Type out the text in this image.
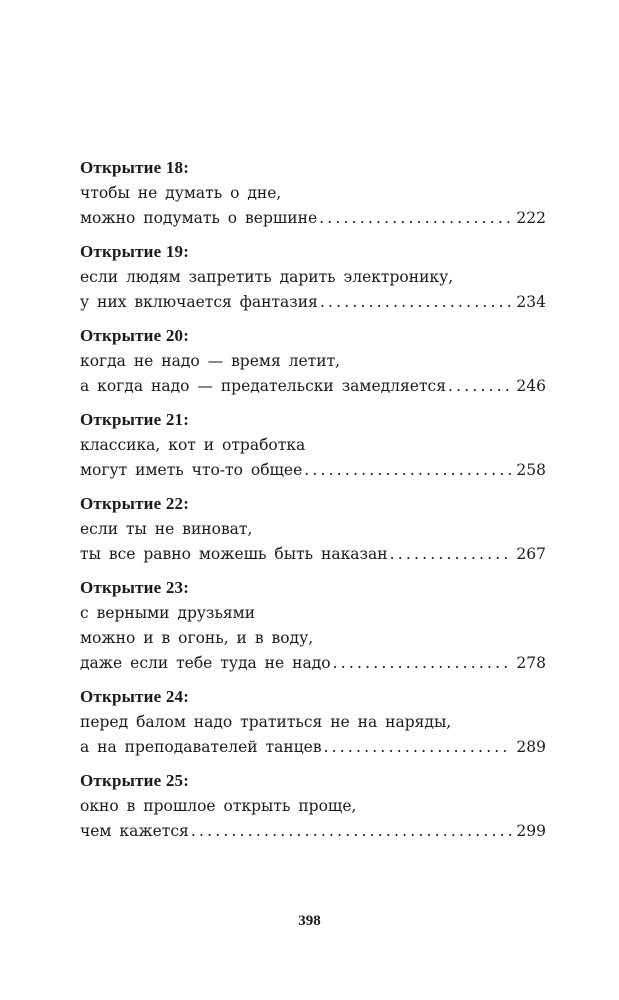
Открытие 18:
чтобы не думать о дне,
можно подумать о вершине .....	222
Открытие 19:
если людям запретить дарить электронику,
у них включается фантазия .....	234
Открытие 20:
когда не надо — время летит,
а когда надо — предательски замедляется .....	246
Открытие 21:
классика, кот и отработка
могут иметь что-то общее .....	258
Открытие 22:
если ты не виноват,
ты все равно можешь быть наказан .....	267
Открытие 23:
с верными друзьями
можно и в огонь, и в воду,
даже если тебе туда не надо .....	278
Открытие 24:
перед балом надо тратиться не на наряды,
а на преподавателей танцев .....	289
Открытие 25:
окно в прошлое открыть проще,
чем кажется .....	299
398
